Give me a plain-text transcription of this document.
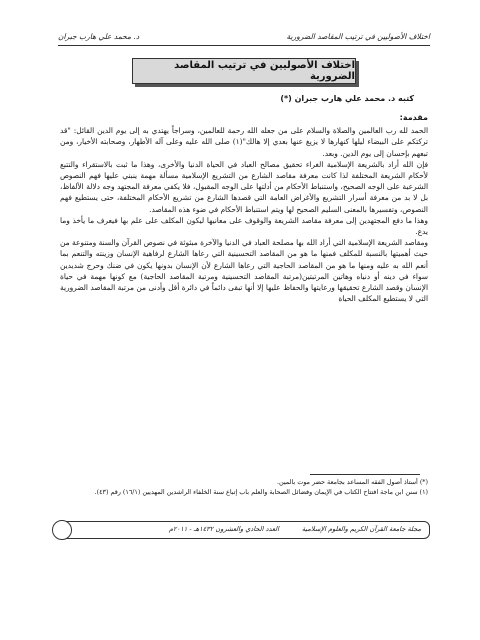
اختلاف الأصوليين في ترتيب المقاصد الضرورية
د. محمد علي هارب جبران
اختلاف الأصوليين في ترتيب المقاصد الضرورية
كتبه د. محمد علي هارب جبران (*)

مقدمة:

الحمد لله رب العالمين والصلاة والسلام على من جعله الله رحمة للعالمين، وسراجاً يهتدي به إلى يوم الدين القائل: "قد تركتكم على البيضاء ليلها كنهارها لا يزيغ عنها بعدي إلا هالك"(١) صلى الله عليه وعلى آله الأطهار، وصحابته الأخيار، ومن تبعهم بإحسان إلى يوم الدين. وبعد.

فإن الله أراد بالشريعة الإسلامية الغراء تحقيق مصالح العباد في الحياة الدنيا والأخرى، وهذا ما ثبت بالاستقراء والتتبع لأحكام الشريعة المختلفة لذا كانت معرفة مقاصد الشارع من التشريع الإسلامية مسألة مهمة ينبني عليها فهم النصوص الشرعية على الوجه الصحيح، واستنباط الأحكام من أدلتها على الوجه المقبول، فلا يكفي معرفة المجتهد وجه دلالة الألفاظ، بل لا بد من معرفة أسرار التشريع والأغراض العامة التي قصدها الشارع من تشريع الأحكام المختلفة، حتى يستطيع فهم النصوص، وتفسيرها بالمعنى السليم الصحيح لها ويتم استنباط الأحكام في ضوء هذه المقاصد.

وهذا ما دفع المجتهدين إلى معرفة مقاصد الشريعة والوقوف على معانيها ليكون المكلف على علم بها فيعرف ما يأخذ وما يدع.

ومقاصد الشريعة الإسلامية التي أراد الله بها مصلحة العباد في الدنيا والآخرة مبثوثة في نصوص القرآن والسنة ومتنوعة من حيث أهميتها بالنسبة للمكلف فمنها ما هو من المقاصد التحسينية التي رعاها الشارع لرفاهية الإنسان وزينته والتنعم بما أنعم الله به عليه ومنها ما هو من المقاصد الحاجية التي رعاها الشارع لأن الإنسان بدونها يكون في ضنك وحرج شديدين سواء في دينه أو دنياه وهاتين المرتبتين(مرتبة المقاصد التحسينية ومرتبة المقاصد الحاجية) مع كونها مهمة في حياة الإنسان وقصد الشارع تحقيقها ورعايتها والحفاظ عليها إلا أنها تبقى دائماً في دائرة أقل وأدنى من مرتبة المقاصد الضرورية التي لا يستطيع المكلف الحياة

(*) أستاذ أصول الفقه المساعد بجامعة حضر موت بالمين.

(١) سنن ابن ماجة افتتاح الكتاب في الإيمان وفضائل الصحابة والعلم باب إتباع سنة الخلفاء الراشدين المهديين (١٦/١) رقم (٤٣).

مجلة جامعة القرآن الكريم والعلوم الإسلامية
العدد الحادي والعشرون ١٤٣٢هـ - ٢٠١١م
